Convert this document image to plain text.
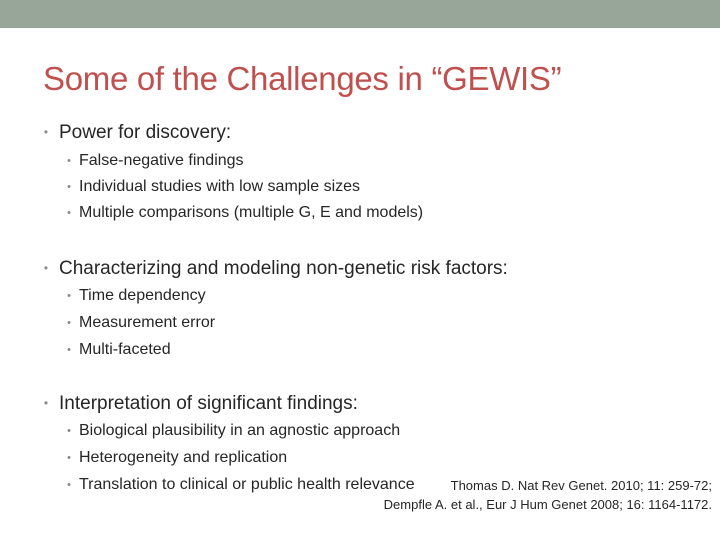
Some of the Challenges in “GEWIS”
• Power for discovery:
• False-negative findings
• Individual studies with low sample sizes
• Multiple comparisons (multiple G, E and models)
• Characterizing and modeling non-genetic risk factors:
• Time dependency
• Measurement error
• Multi-faceted
• Interpretation of significant findings:
• Biological plausibility in an agnostic approach
• Heterogeneity and replication
• Translation to clinical or public health relevance	Thomas D. Nat Rev Genet. 2010; 11: 259-72;
Dempfle A. et al., Eur J Hum Genet 2008; 16: 1164-1172.
